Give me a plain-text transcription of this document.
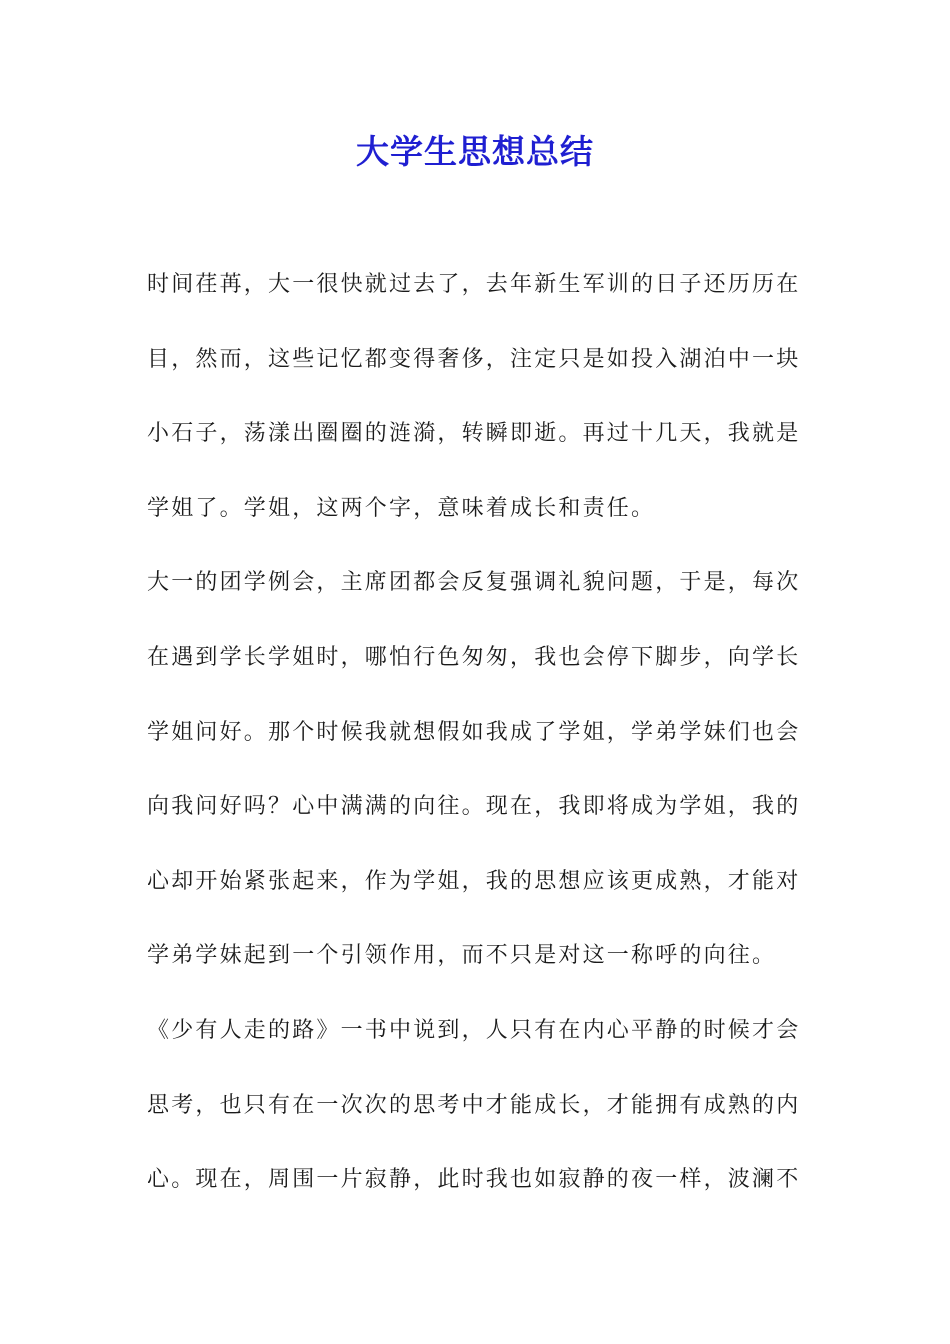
大学生思想总结
时间荏苒，大一很快就过去了，去年新生军训的日子还历历在
目，然而，这些记忆都变得奢侈，注定只是如投入湖泊中一块
小石子，荡漾出圈圈的涟漪，转瞬即逝。再过十几天，我就是
学姐了。学姐，这两个字，意味着成长和责任。
大一的团学例会，主席团都会反复强调礼貌问题，于是，每次
在遇到学长学姐时，哪怕行色匆匆，我也会停下脚步，向学长
学姐问好。那个时候我就想假如我成了学姐，学弟学妹们也会
向我问好吗？心中满满的向往。现在，我即将成为学姐，我的
心却开始紧张起来，作为学姐，我的思想应该更成熟，才能对
学弟学妹起到一个引领作用，而不只是对这一称呼的向往。
《少有人走的路》一书中说到，人只有在内心平静的时候才会
思考，也只有在一次次的思考中才能成长，才能拥有成熟的内
心。现在，周围一片寂静，此时我也如寂静的夜一样，波澜不
